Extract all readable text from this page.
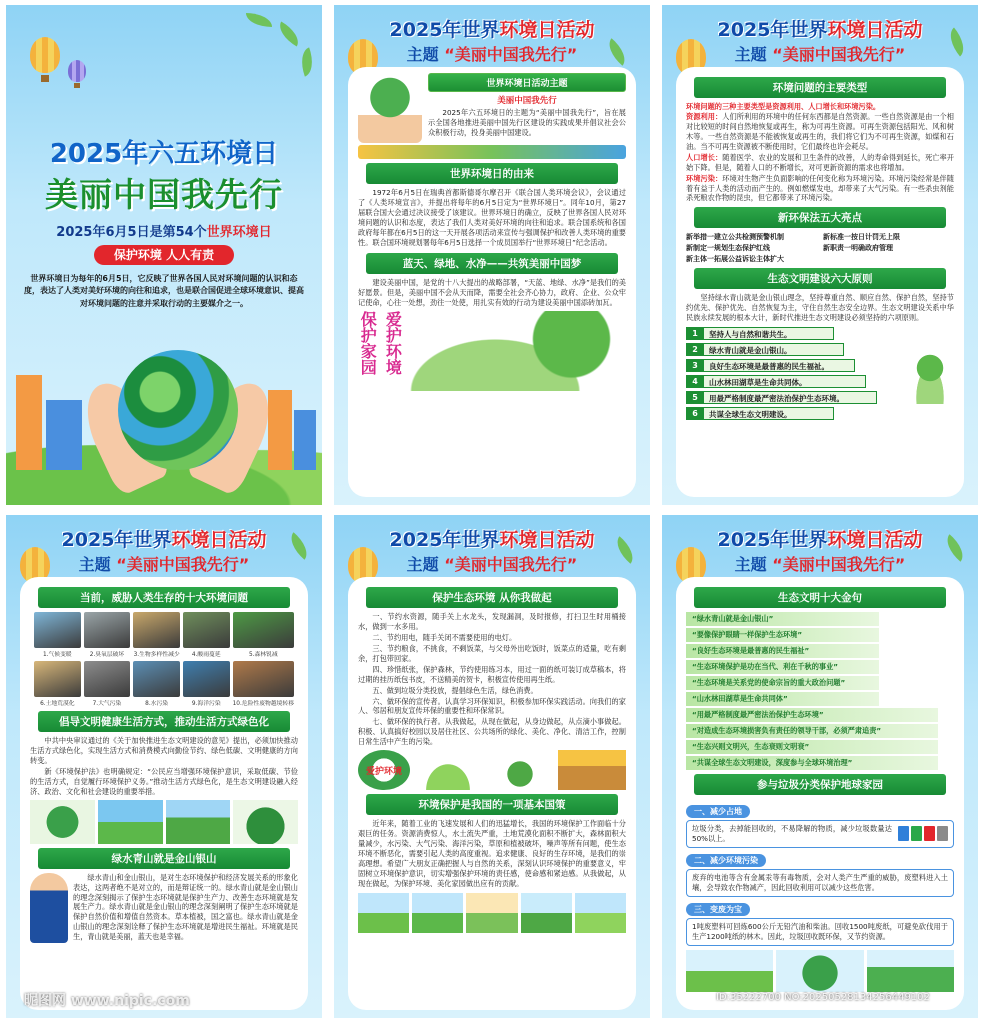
2025年六五环境日
美丽中国我先行
2025年6月5日是第54个世界环境日
保护环境 人人有责
世界环境日为每年的6月5日，它反映了世界各国人民对环境问题的认识和态度，表达了人类对美好环境的向往和追求，也是联合国促进全球环境意识、提高对环境问题的注意并采取行动的主要媒介之一。
2025年世界环境日活动
主题 “美丽中国我先行”
世界环境日活动主题
美丽中国我先行

2025年六五环境日的主题为“美丽中国我先行”，旨在展示全国各地推进美丽中国先行区建设的实践成果并倡议社会公众积极行动，投身美丽中国建设。

世界环境日的由来

1972年6月5日在瑞典首都斯德哥尔摩召开《联合国人类环境会议》，会议通过了《人类环境宣言》，并提出将每年的6月5日定为“世界环境日”。同年10月，第27届联合国大会通过决议接受了该建议。世界环境日的确立，反映了世界各国人民对环境问题的认识和态度，表达了我们人类对美好环境的向往和追求。联合国系统和各国政府每年都在6月5日的这一天开展各项活动来宣传与强调保护和改善人类环境的重要性。联合国环境规划署每年6月5日选择一个成员国举行“世界环境日”纪念活动。

蓝天、绿地、水净——共筑美丽中国梦

建设美丽中国，是党的十八大提出的战略部署，“天蓝、地绿、水净”是我们的美好愿景。但是，美丽中国不会从天而降，需要全社会齐心协力，政府、企业、公众牢记使命，心往一处想，劲往一处使，用扎实有效的行动为建设美丽中国添砖加瓦。

保护家园 爱护环境
2025年世界环境日活动
主题 “美丽中国我先行”
环境问题的主要类型
环境问题的三种主要类型是资源利用、人口增长和环境污染。

资源利用：人们所利用的环境中的任何东西都是自然资源。一些自然资源是由一个相对比较短的时间自然地恢复或再生，称为可再生资源。可再生资源包括阳光、风和树木等。一些自然资源是不能被恢复或再生的，我们将它们为不可再生资源，如煤和石油。当不可再生资源被不断使用时，它们最终也许会耗尽。

人口增长：随着医学、农业的发展和卫生条件的改善，人的寿命得到延长，死亡率开始下降。但是，随着人口的不断增长，对可更新资源的需求也将增加。

环境污染：环境对生物产生负面影响的任何变化称为环境污染。环境污染经常是伴随着有益于人类的活动而产生的。例如燃煤发电，却带来了大气污染。有一些杀虫剂能杀死粮农作物的昆虫，但它都带来了环境污染。

新环保法五大亮点
新举措一建立公共检测预警机制	新标准一按日计罚无上限
新制定一规划生态保护红线	新职责一明确政府管理
新主体一拓展公益诉讼主体扩大
生态文明建设六大原则

坚持绿水青山就是金山银山理念，坚持尊重自然、顺应自然、保护自然，坚持节约优先、保护优先、自然恢复为主，守住自然生态安全边界。生态文明建设关系中华民族永续发展的根本大计，新时代推进生态文明建设必须坚持的六项原则。

1	坚持人与自然和谐共生。
2	绿水青山就是金山银山。
3	良好生态环境是最普惠的民生福祉。
4	山水林田湖草是生命共同体。
5	用最严格制度最严密法治保护生态环境。
6	共谋全球生态文明建设。
2025年世界环境日活动
主题 “美丽中国我先行”
当前，威胁人类生存的十大环境问题
1.气候变暖	2.臭氧层破坏 3.生物多样性减少 4.酸雨蔓延	5.森林锐减
6.土地荒漠化	7.大气污染	8.水污染	9.海洋污染 10.危险性废物越境转移
倡导文明健康生活方式，推动生活方式绿色化

中共中央审议通过的《关于加快推进生态文明建设的意见》提出，必须加快推动生活方式绿色化，实现生活方式和消费模式向勤俭节约、绿色低碳、文明健康的方向转变。

新《环境保护法》也明确规定：“公民应当增强环境保护意识，采取低碳、节俭的生活方式，自觉履行环境保护义务。”推动生活方式绿色化，是生态文明建设融入经济、政治、文化和社会建设的重要举措。

绿水青山就是金山银山

绿水青山和金山银山，是对生态环境保护和经济发展关系的形象化表达，这两者绝不是对立的，而是辩证统一的。绿水青山就是金山银山的理念深刻揭示了保护生态环境就是保护生产力、改善生态环境就是发展生产力。绿水青山就是金山银山的理念深刻阐明了保护生态环境就是保护自然价值和增值自然资本。草本植被，国之富也。绿水青山就是金山银山的理念深刻诠释了保护生态环境就是增进民生福祉。环境就是民生，青山就是美丽，蓝天也是幸福。

2025年世界环境日活动
主题 “美丽中国我先行”
保护生态环境 从你我做起

一、节约水资源，随手关上水龙头，发现漏洞，及时报修，打扫卫生时用桶接水，做到一水多用。

二、节约用电，随手关闭不需要使用的电灯。

三、节约粮食，不挑食，不剩饭菜，与父母外出吃饭时，饭菜点的适量，吃有剩余，打包带回家。

四、珍惜纸张，保护森林，节约使用练习本，用过一面的纸可装订成草稿本，将过期的挂历纸包书皮，不送精美的贺卡，积极宣传使用再生纸。

五、做到垃圾分类投放，提倡绿色生活，绿色消费。

六、做环保的宣传者。认真学习环保知识，积极参加环保实践活动。向我们的家人、邻居和朋友宣传环保的重要性和环保常识。

七、做环保的执行者。从我做起，从现在做起，从身边做起，从点滴小事做起。积极、认真搞好校园以及居住社区、公共场所的绿化、美化、净化、清洁工作，控制日常生活中产生的污染。

爱护环境
环境保护是我国的一项基本国策

近年来，随着工业的飞速发展和人们的迅猛增长，我国的环境保护工作面临十分艰巨的任务。资源消费惊人，水土流失严重，土地荒漠化面积不断扩大，森林面积大量减少，水污染、大气污染、海洋污染，草原和植被破坏，噪声等所有问题，使生态环境不断恶化，需要引起人类的高度重视。追求健康、良好的生存环境，是我们的崇高理想。希望广大朋友正确把握人与自然的关系，深刻认识环境保护的重要意义，牢固树立环境保护意识，切实增强保护环境的责任感，使命感和紧迫感。从我做起，从现在做起，为保护环境、美化家园做出应有的贡献。

2025年世界环境日活动
主题 “美丽中国我先行”
生态文明十大金句
“绿水青山就是金山银山”
“要像保护眼睛一样保护生态环境”
“良好生态环境是最普惠的民生福祉”
“生态环境保护是功在当代、利在千秋的事业”
“生态环境是关系党的使命宗旨的重大政治问题”
“山水林田湖草是生命共同体”
“用最严格制度最严密法治保护生态环境”
“对造成生态环境损害负有责任的领导干部，必须严肃追责”
“生态兴则文明兴，生态衰则文明衰”
“共谋全球生态文明建设，深度参与全球环境治理”
参与垃圾分类保护地球家园
一、减少占地
垃圾分类，去掉能回收的，不易降解的物质，减少垃圾数量达50%以上。
二、减少环境污染
废弃的电池等含有金属汞等有毒物质，会对人类产生严重的威胁，废塑料进入土壤，会导致农作物减产，因此回收利用可以减少这些危害。
三、变废为宝
1吨废塑料可回炼600公斤无铅汽油和柴油。回收1500吨废纸，可避免砍伐用于生产1200吨纸的林木。因此，垃圾回收既环保，又节约资源。
昵图网 www.nipic.com	ID:35222700 NO:20250528134256449102
